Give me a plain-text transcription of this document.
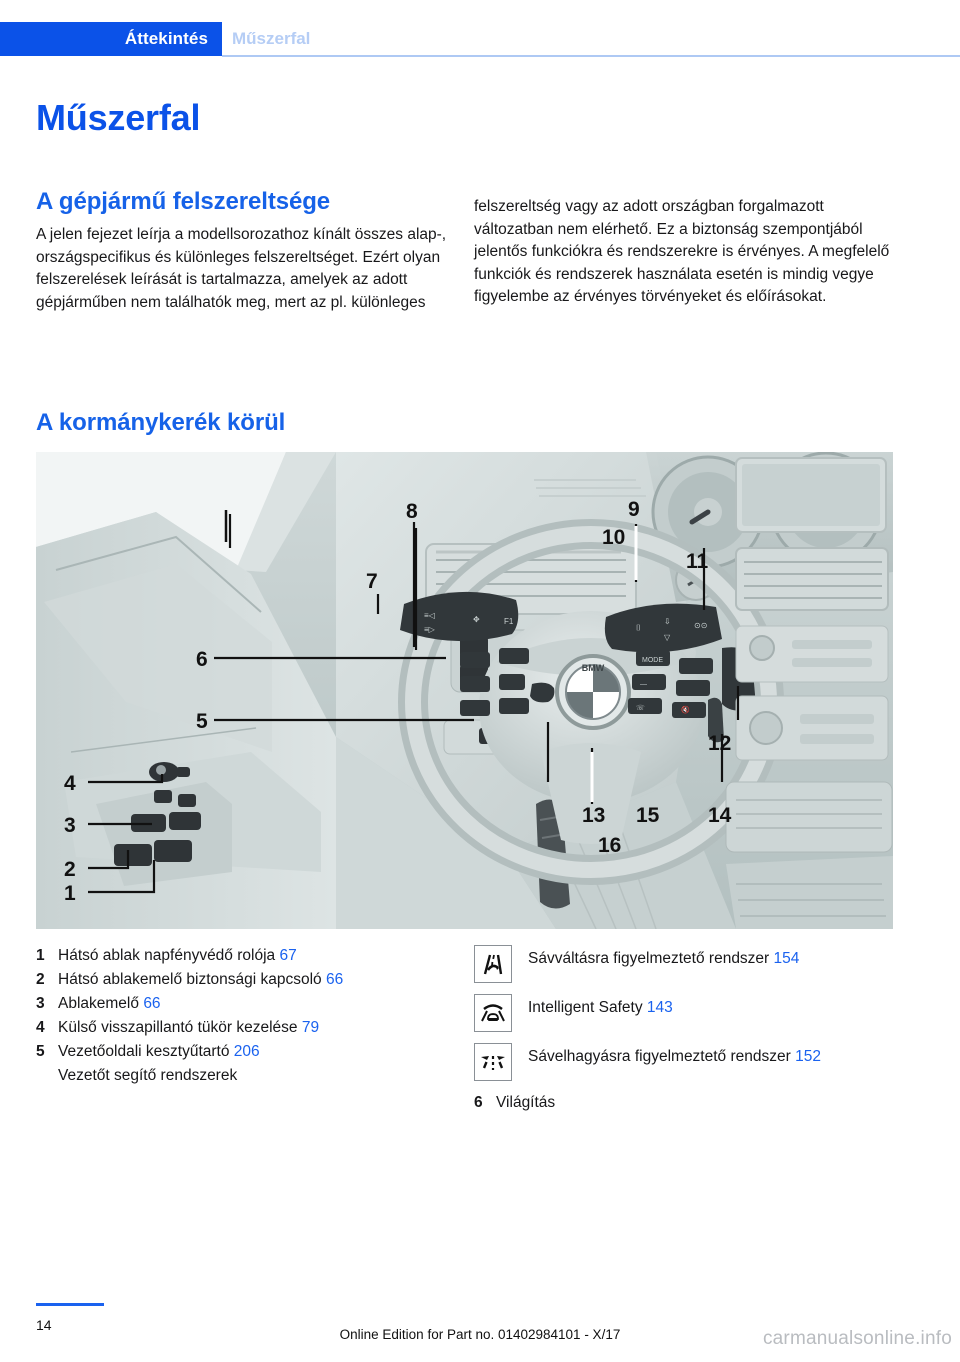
Áttekintés Műszerfal
Műszerfal
A gépjármű felszereltsége

A jelen fejezet leírja a modellsorozathoz kínált összes alap-, országspecifikus és különleges felszereltséget. Ezért olyan felszerelések leírását is tartalmazza, amelyek az adott gépjárműben nem találhatók meg, mert az pl. különleges

felszereltség vagy az adott országban forgalmazott változatban nem elérhető. Ez a biztonság szempontjából jelentős funkciókra és rendszerekre is érvényes. A megfelelő funkciók és rendszerek használata esetén is mindig vegye figyelembe az érvényes törvényeket és előírásokat.

A kormánykerék körül
BMW
≡◁
≡▷
✥	F1
⌷
⇩
▽
⊙⊙
MODE
—
☏	🔇
1
2
3
4
5
6
7
8	9
10
11
12
13	14
15
16
1 Hátsó ablak napfényvédő rolója 67
2 Hátsó ablakemelő biztonsági kapcsoló 66
3 Ablakemelő 66
4 Külső visszapillantó tükör kezelése 79
5 Vezetőoldali kesztyűtartó 206
Vezetőt segítő rendszerek
Sávváltásra figyelmeztető rendszer 154
Intelligent Safety 143
Sávelhagyásra figyelmeztető rendszer 152
6 Világítás
14
Online Edition for Part no. 01402984101 - X/17	carmanualsonline.info
